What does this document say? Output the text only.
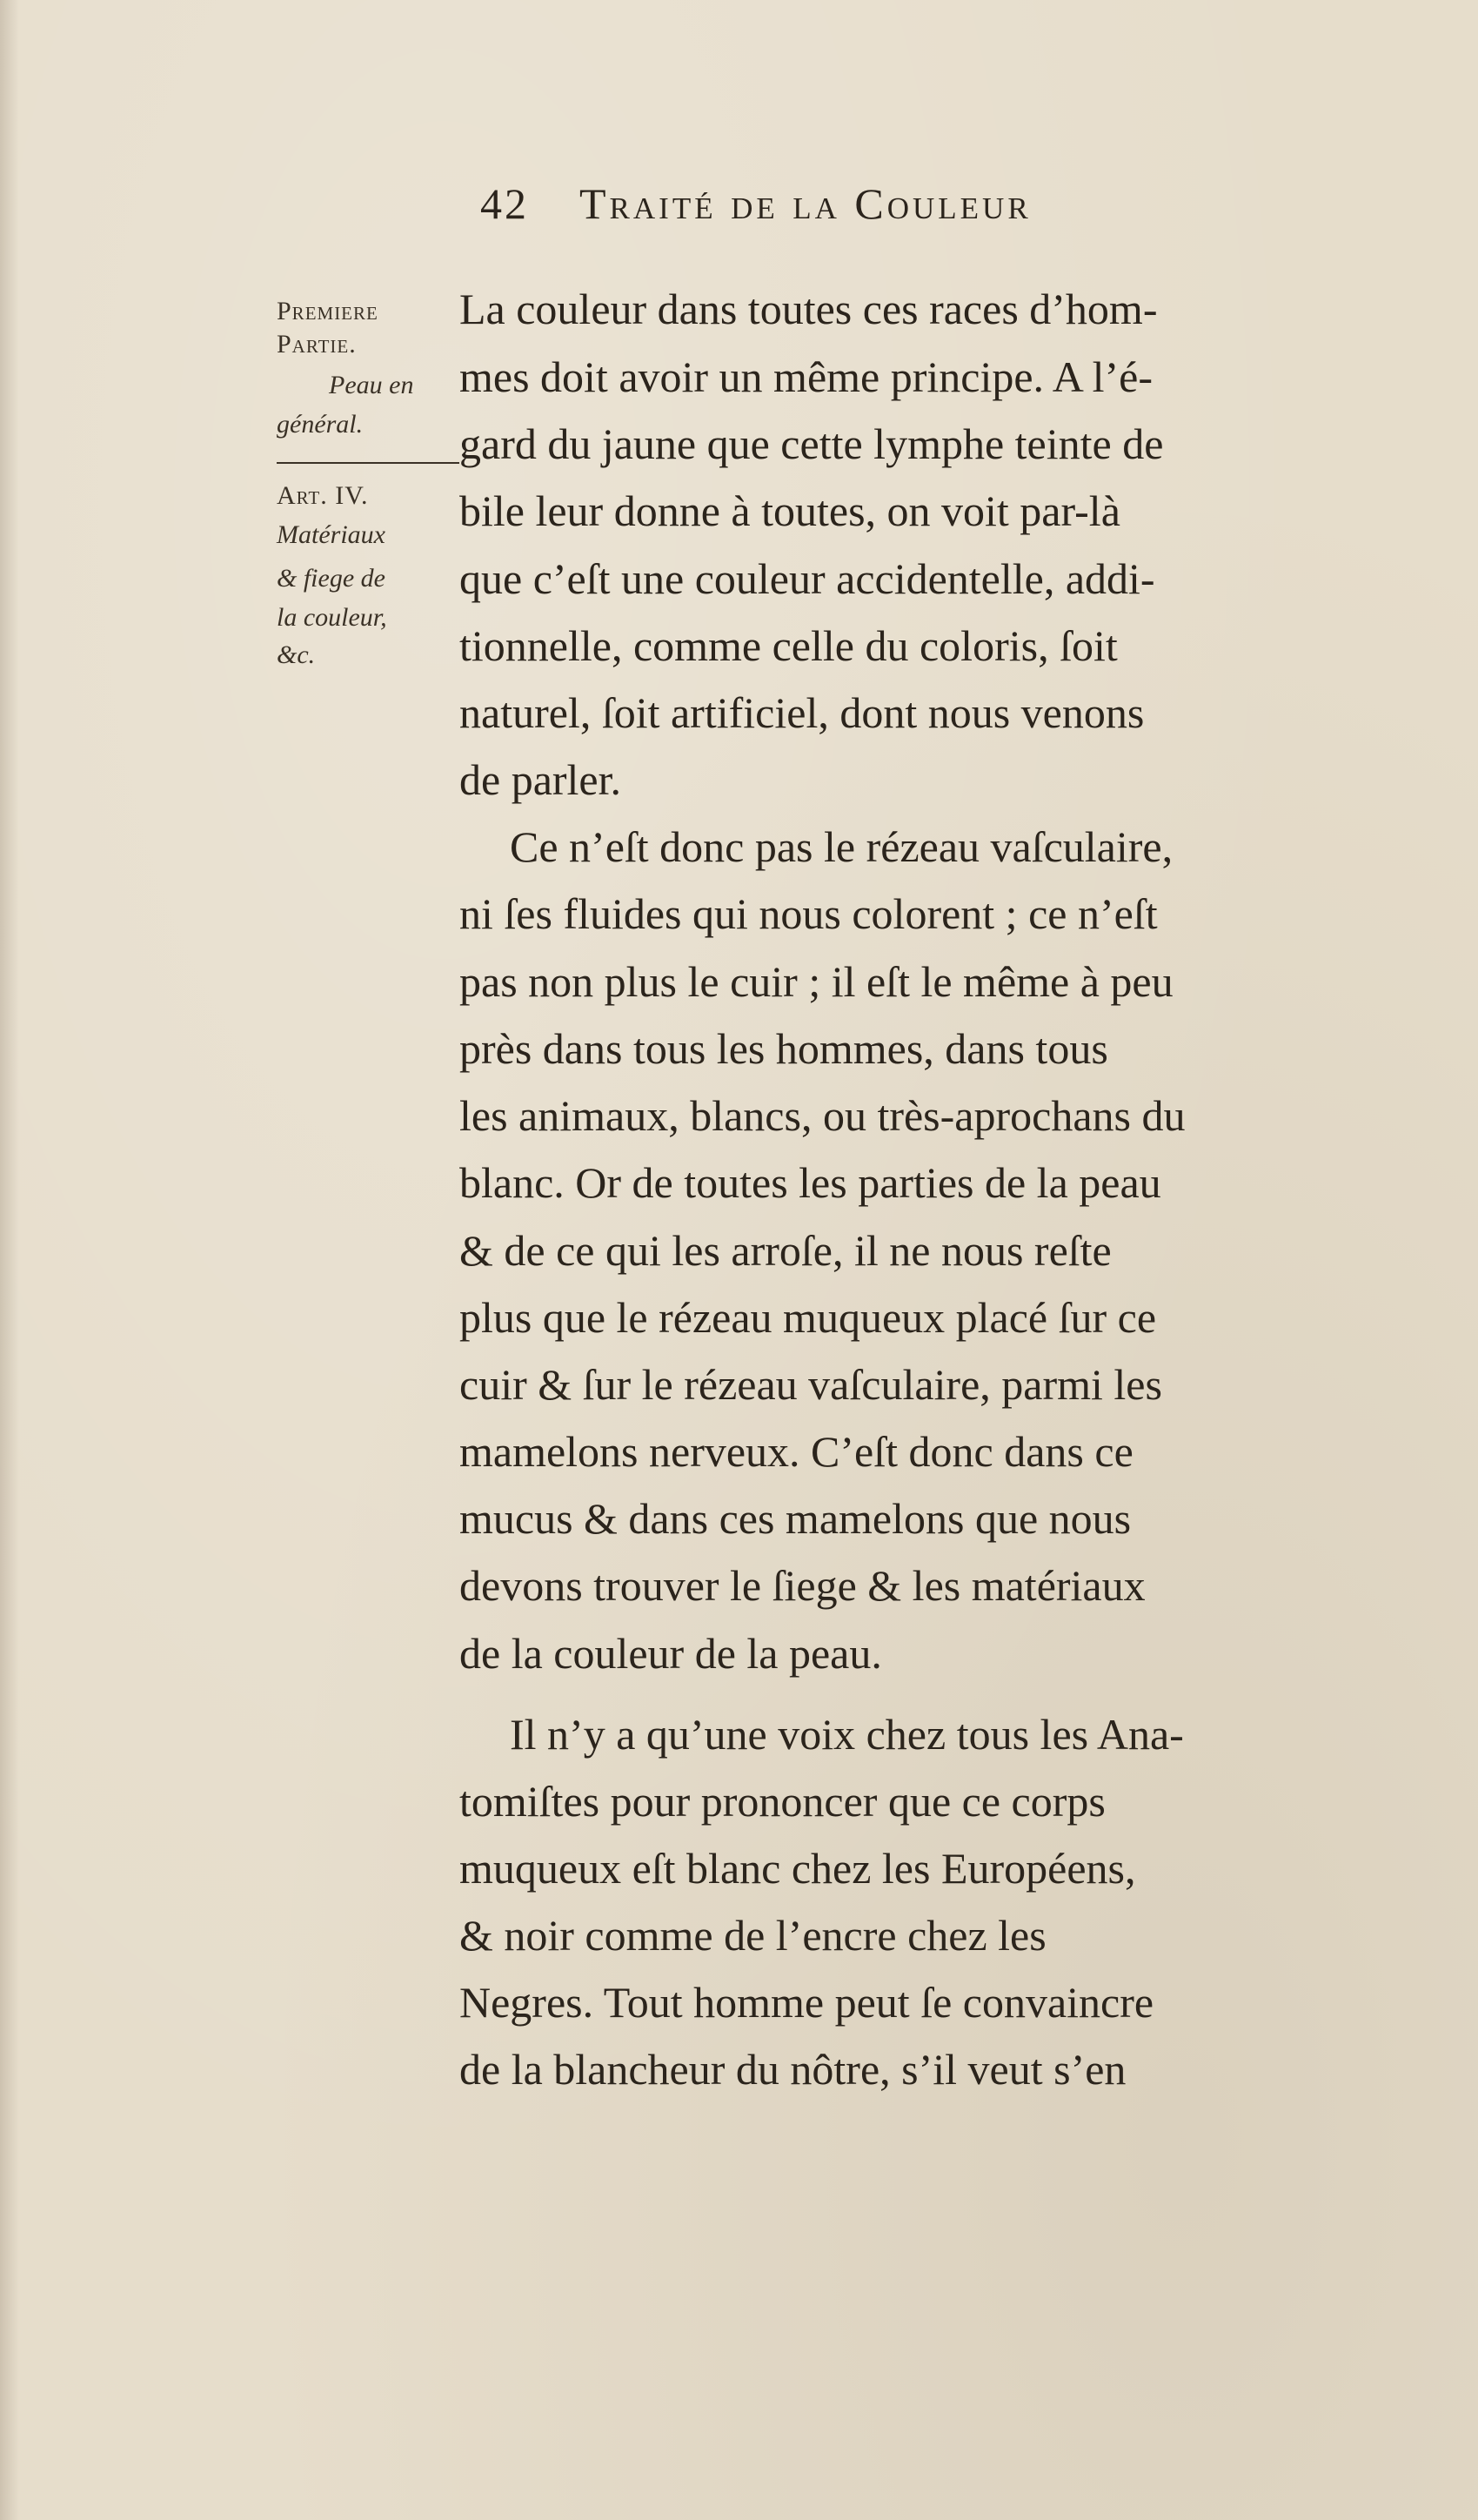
42 Traité de la Couleur
Premiere
Partie.
Peau en
général.
Art. IV.
Matériaux
& fiege de
la couleur,
&c.
La couleur dans toutes ces races d’hom-
mes doit avoir un même principe. A l’é-
gard du jaune que cette lymphe teinte de
bile leur donne à toutes, on voit par-là
que c’eſt une couleur accidentelle, addi-
tionnelle, comme celle du coloris, ſoit
naturel, ſoit artificiel, dont nous venons
de parler.
Ce n’eſt donc pas le rézeau vaſculaire,
ni ſes fluides qui nous colorent ; ce n’eſt
pas non plus le cuir ; il eſt le même à peu
près dans tous les hommes, dans tous
les animaux, blancs, ou très-aprochans du
blanc. Or de toutes les parties de la peau
& de ce qui les arroſe, il ne nous reſte
plus que le rézeau muqueux placé ſur ce
cuir & ſur le rézeau vaſculaire, parmi les
mamelons nerveux. C’eſt donc dans ce
mucus & dans ces mamelons que nous
devons trouver le ſiege & les matériaux
de la couleur de la peau.
Il n’y a qu’une voix chez tous les Ana-
tomiſtes pour prononcer que ce corps
muqueux eſt blanc chez les Européens,
& noir comme de l’encre chez les
Negres. Tout homme peut ſe convaincre
de la blancheur du nôtre, s’il veut s’en
